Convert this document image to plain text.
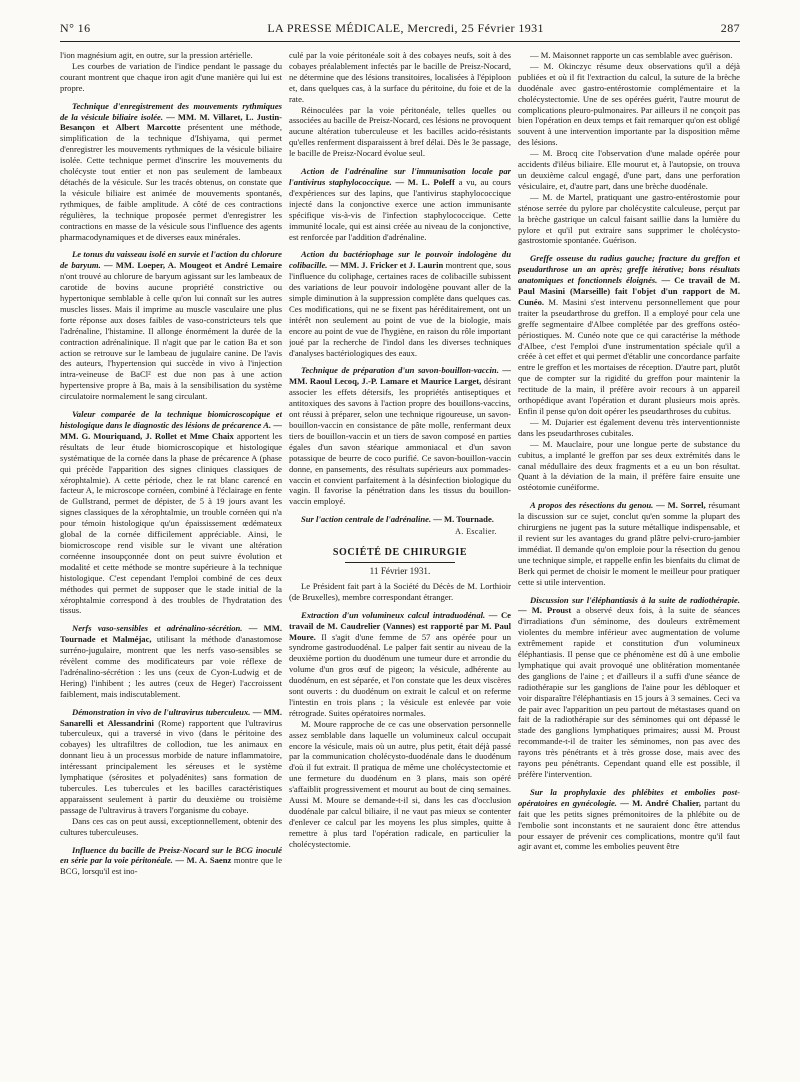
N° 16	LA PRESSE MÉDICALE, Mercredi, 25 Février 1931	287

l'ion magnésium agit, en outre, sur la pression artérielle.

Les courbes de variation de l'indice pendant le passage du courant montrent que chaque iron agit d'une manière qui lui est propre.

Technique d'enregistrement des mouvements rythmiques de la vésicule biliaire isolée. — MM. M. Villaret, L. Justin-Besançon et Albert Marcotte présentent une méthode, simplification de la technique d'Ishiyama, qui permet d'enregistrer les mouvements rythmiques de la vésicule biliaire isolée. Cette technique permet d'inscrire les mouvements du cholécyste tout entier et non pas seulement de lambeaux détachés de la vésicule. Sur les tracés obtenus, on constate que la vésicule biliaire est animée de mouvements spontanés, rythmiques, de faible amplitude. A côté de ces contractions régulières, la technique proposée permet d'enregistrer les contractions en masse de la vésicule sous l'influence des agents pharmacodynamiques et de diverses eaux minérales.

Le tonus du vaisseau isolé en survie et l'action du chlorure de baryum. — MM. Loeper, A. Mougeot et André Lemaire n'ont trouvé au chlorure de baryum agissant sur les lambeaux de carotide de bovins aucune propriété constrictive ou hypertonique semblable à celle qu'on lui connaît sur les autres muscles lisses. Mais il imprime au muscle vasculaire une plus forte réponse aux doses faibles de vaso-constricteurs tels que l'adrénaline, l'histamine. Il allonge énormément la durée de la contraction adrénalinique. Il n'agit que par le cation Ba et son action se retrouve sur le lambeau de jugulaire canine. De l'avis des auteurs, l'hypertension qui succède in vivo à l'injection intra-veineuse de BaCl² est due non pas à une action hypertensive propre à Ba, mais à la sensibilisation du système circulatoire normalement le sang circulant.

Valeur comparée de la technique biomicroscopique et histologique dans le diagnostic des lésions de précarence A. — MM. G. Mouriquand, J. Rollet et Mme Chaix apportent les résultats de leur étude biomicroscopique et histologique systématique de la cornée dans la phase de précarence A (phase qui précède l'apparition des signes cliniques classiques de xérophtalmie). A cette période, chez le rat blanc carencé en facteur A, le microscope cornéen, combiné à l'éclairage en fente de Gullstrand, permet de dépister, de 5 à 19 jours avant les signes classiques de la xérophtalmie, un trouble cornéen qui n'a pour témoin histologique qu'un épaississement œdémateux global de la cornée difficilement appréciable. Ainsi, le biomicroscope rend visible sur le vivant une altération cornéenne insoupçonnée dont on peut suivre évolution et modalité et cette méthode se montre supérieure à la technique histologique. C'est cependant l'emploi combiné de ces deux méthodes qui permet de supposer que le stade initial de la xérophtalmie correspond à des troubles de l'hydratation des tissus.

Nerfs vaso-sensibles et adrénalino-sécrétion. — MM. Tournade et Malméjac, utilisant la méthode d'anastomose surréno-jugulaire, montrent que les nerfs vaso-sensibles se révèlent comme des modificateurs par voie réflexe de l'adrénalino-sécrétion : les uns (ceux de Cyon-Ludwig et de Hering) l'inhibent ; les autres (ceux de Heger) l'accroissent faiblement, mais indiscutablement.

Démonstration in vivo de l'ultravirus tuberculeux. — MM. Sanarelli et Alessandrini (Rome) rapportent que l'ultravirus tuberculeux, qui a traversé in vivo (dans le péritoine des cobayes) les ultrafiltres de collodion, tue les animaux en donnant lieu à un processus morbide de nature inflammatoire, intéressant principalement les séreuses et le système lymphatique (sérosites et polyadénites) sans formation de tubercules. Les tubercules et les bacilles caractéristiques apparaissent seulement à partir du deuxième ou troisième passage de l'ultravirus à travers l'organisme du cobaye.

Dans ces cas on peut aussi, exceptionnellement, obtenir des cultures tuberculeuses.

Influence du bacille de Preisz-Nocard sur le BCG inoculé en série par la voie péritonéale. — M. A. Saenz montre que le BCG, lorsqu'il est ino-

culé par la voie péritonéale soit à des cobayes neufs, soit à des cobayes préalablement infectés par le bacille de Preisz-Nocard, ne détermine que des lésions transitoires, localisées à l'épiploon et, dans quelques cas, à la surface du péritoine, du foie et de la rate.

Réinoculées par la voie péritonéale, telles quelles ou associées au bacille de Preisz-Nocard, ces lésions ne provoquent aucune altération tuberculeuse et les bacilles acido-résistants qu'elles renferment disparaissent à bref délai. Dès le 3e passage, le bacille de Preisz-Nocard évolue seul.

Action de l'adrénaline sur l'immunisation locale par l'antivirus staphylococcique. — M. L. Poleff a vu, au cours d'expériences sur des lapins, que l'antivirus staphylococcique injecté dans la conjonctive exerce une action immunisante spécifique vis-à-vis de l'infection staphylococcique. Cette immunité locale, qui est ainsi créée au niveau de la conjonctive, est renforcée par l'addition d'adrénaline.

Action du bactériophage sur le pouvoir indologène du colibacille. — MM. J. Fricker et J. Laurin montrent que, sous l'influence du coliphage, certaines races de colibacille subissent des variations de leur pouvoir indologène pouvant aller de la simple diminution à la suppression complète dans quelques cas. Ces modifications, qui ne se fixent pas héréditairement, ont un intérêt non seulement au point de vue de la biologie, mais encore au point de vue de l'hygiène, en raison du rôle important joué par la recherche de l'indol dans les diverses techniques d'analyses bactériologiques des eaux.

Technique de préparation d'un savon-bouillon-vaccin. — MM. Raoul Lecoq, J.-P. Lamare et Maurice Larget, désirant associer les effets détersifs, les propriétés antiseptiques et antitoxiques des savons à l'action propre des bouillons-vaccins, ont réussi à préparer, selon une technique rigoureuse, un savon-bouillon-vaccin en consistance de pâte molle, renfermant deux tiers de bouillon-vaccin et un tiers de savon composé en parties égales d'un savon stéarique ammoniacal et d'un savon potassique de beurre de coco purifié. Ce savon-bouillon-vaccin donne, en pansements, des résultats supérieurs aux pommades-vaccin et convient parfaitement à la désinfection biologique du vagin. Il favorise la pénétration dans les tissus du bouillon-vaccin employé.

Sur l'action centrale de l'adrénaline. — M. Tournade.

A. Escalier.
SOCIÉTÉ DE CHIRURGIE
11 Février 1931.

Le Président fait part à la Société du Décès de M. Lorthioir (de Bruxelles), membre correspondant étranger.

Extraction d'un volumineux calcul intraduodénal. — Ce travail de M. Caudrelier (Vannes) est rapporté par M. Paul Moure. Il s'agit d'une femme de 57 ans opérée pour un syndrome gastroduodénal. Le palper fait sentir au niveau de la deuxième portion du duodénum une tumeur dure et arrondie du volume d'un gros œuf de pigeon; la vésicule, adhérente au duodénum, en est séparée, et l'on constate que les deux viscères sont ouverts : du duodénum on extrait le calcul et on referme l'intestin en trois plans ; la vésicule est enlevée par voie rétrograde. Suites opératoires normales.

M. Moure rapproche de ce cas une observation personnelle assez semblable dans laquelle un volumineux calcul occupait encore la vésicule, mais où un autre, plus petit, était déjà passé par la communication cholécysto-duodénale dans le duodénum d'où il fut extrait. Il pratiqua de même une cholécystectomie et une fermeture du duodénum en 3 plans, mais son opéré s'affaiblit progressivement et mourut au bout de cinq semaines. Aussi M. Moure se demande-t-il si, dans les cas d'occlusion duodénale par calcul biliaire, il ne vaut pas mieux se contenter d'enlever ce calcul par les moyens les plus simples, quitte à remettre à plus tard l'opération radicale, en particulier la cholécystectomie.

— M. Maisonnet rapporte un cas semblable avec guérison.

— M. Okinczyc résume deux observations qu'il a déjà publiées et où il fit l'extraction du calcul, la suture de la brèche duodénale avec gastro-entérostomie complémentaire et la cholécystectomie. Une de ses opérées guérit, l'autre mourut de complications pleuro-pulmonaires. Par ailleurs il ne conçoit pas bien l'opération en deux temps et fait remarquer qu'on est obligé souvent à une intervention importante par la disposition même des lésions.

— M. Brocq cite l'observation d'une malade opérée pour accidents d'iléus biliaire. Elle mourut et, à l'autopsie, on trouva un deuxième calcul engagé, d'une part, dans une perforation vésiculaire, et, d'autre part, dans une brèche duodénale.

— M. de Martel, pratiquant une gastro-entérostomie pour sténose serrée du pylore par cholécystite calculeuse, perçut par la brèche gastrique un calcul faisant saillie dans la lumière du pylore et qu'il put extraire sans supprimer le cholécysto-gastrostomie spontanée. Guérison.

Greffe osseuse du radius gauche; fracture du greffon et pseudarthrose un an après; greffe itérative; bons résultats anatomiques et fonctionnels éloignés. — Ce travail de M. Paul Masini (Marseille) fait l'objet d'un rapport de M. Cunéo. M. Masini s'est intervenu personnellement que pour traiter la pseudarthrose du greffon. Il a employé pour cela une greffe segmentaire d'Albee complétée par des greffons ostéo-périostiques. M. Cunéo note que ce qui caractérise la méthode d'Albee, c'est l'emploi d'une instrumentation spéciale qu'il a créée à cet effet et qui permet d'établir une concordance parfaite entre le greffon et les mortaises de réception. D'autre part, plutôt que de compter sur la rigidité du greffon pour maintenir la rectitude de la main, il préfère avoir recours à un appareil orthopédique avant l'opération et durant plusieurs mois après. Enfin il pense qu'on doit opérer les pseudarthroses du cubitus.

— M. Dujarier est également devenu très interventionniste dans les pseudarthroses cubitales.

— M. Mauclaire, pour une longue perte de substance du cubitus, a implanté le greffon par ses deux extrémités dans le canal médullaire des deux fragments et a eu un bon résultat. Quant à la déviation de la main, il préfère faire ensuite une ostéotomie cunéiforme.

A propos des résections du genou. — M. Sorrel, résumant la discussion sur ce sujet, conclut qu'en somme la plupart des chirurgiens ne jugent pas la suture métallique indispensable, et il revient sur les avantages du grand plâtre pelvi-cruro-jambier immédiat. Il demande qu'on emploie pour la résection du genou une technique simple, et rappelle enfin les bienfaits du climat de Berk qui permet de choisir le moment le meilleur pour pratiquer cette si utile intervention.

Discussion sur l'éléphantiasis à la suite de radiothérapie. — M. Proust a observé deux fois, à la suite de séances d'irradiations d'un séminome, des douleurs extrêmement violentes du membre inférieur avec augmentation de volume extrêmement rapide et constitution d'un volumineux éléphantiasis. Il pense que ce phénomène est dû à une embolie lymphatique qui avait provoqué une oblitération momentanée des ganglions de l'aine ; et d'ailleurs il a suffi d'une séance de radiothérapie sur les ganglions de l'aine pour les débloquer et voir disparaître l'éléphantiasis en 15 jours à 3 semaines. Ceci va de pair avec l'apparition un peu partout de métastases quand on fait de la radiothérapie sur des séminomes qui ont dépassé le stade des ganglions lymphatiques primaires; aussi M. Proust recommande-t-il de traiter les séminomes, non pas avec des rayons très pénétrants et à très grosse dose, mais avec des rayons peu pénétrants. Cependant quand elle est possible, il préfère l'intervention.

Sur la prophylaxie des phlébites et embolies post-opératoires en gynécologie. — M. André Chalier, partant du fait que les petits signes prémonitoires de la phlébite ou de l'embolie sont inconstants et ne sauraient donc être attendus pour essayer de prévenir ces complications, montre qu'il faut agir avant et, comme les embolies peuvent être
